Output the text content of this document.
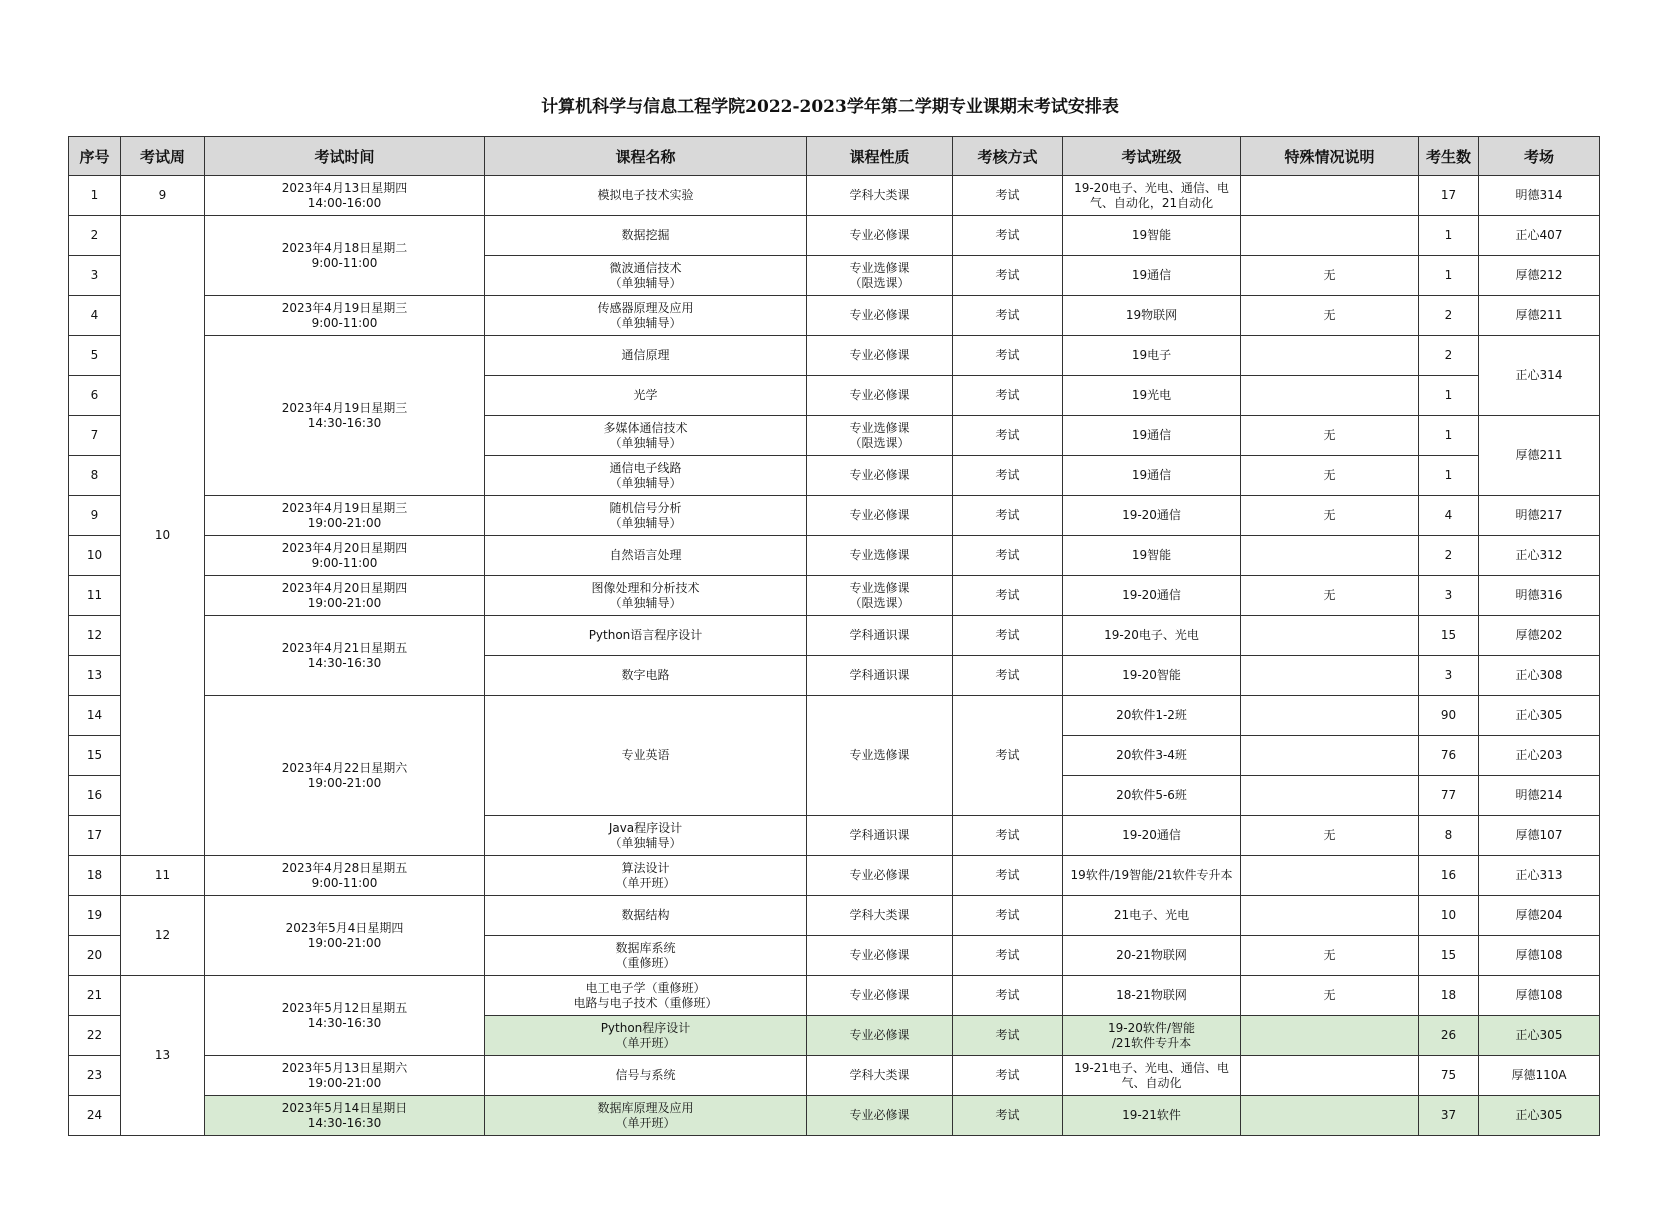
计算机科学与信息工程学院2022-2023学年第二学期专业课期末考试安排表
序号	考试周	考试时间	课程名称	课程性质	考核方式	考试班级	特殊情况说明	考生数	考场
1	9	2023年4月13日星期四
14:00-16:00	模拟电子技术实验	学科大类课	考试	19-20电子、光电、通信、电气、自动化，21自动化		17	明德314
2	10	2023年4月18日星期二
9:00-11:00	数据挖掘	专业必修课	考试	19智能		1	正心407
3			微波通信技术
（单独辅导）	专业选修课
（限选课）	考试	19通信	无	1	厚德212
4		2023年4月19日星期三
9:00-11:00	传感器原理及应用
（单独辅导）	专业必修课	考试	19物联网	无	2	厚德211
5		2023年4月19日星期三
14:30-16:30	通信原理	专业必修课	考试	19电子		2	正心314
6			光学	专业必修课	考试	19光电		1	
7			多媒体通信技术
（单独辅导）	专业选修课
（限选课）	考试	19通信	无	1	厚德211
8			通信电子线路
（单独辅导）	专业必修课	考试	19通信	无	1	
9		2023年4月19日星期三
19:00-21:00	随机信号分析
（单独辅导）	专业必修课	考试	19-20通信	无	4	明德217
10		2023年4月20日星期四
9:00-11:00	自然语言处理	专业选修课	考试	19智能		2	正心312
11		2023年4月20日星期四
19:00-21:00	图像处理和分析技术
（单独辅导）	专业选修课
（限选课）	考试	19-20通信	无	3	明德316
12		2023年4月21日星期五
14:30-16:30	Python语言程序设计	学科通识课	考试	19-20电子、光电		15	厚德202
13			数字电路	学科通识课	考试	19-20智能		3	正心308
14		2023年4月22日星期六
19:00-21:00	专业英语	专业选修课	考试	20软件1-2班		90	正心305
15						20软件3-4班		76	正心203
16						20软件5-6班		77	明德214
17			Java程序设计
（单独辅导）	学科通识课	考试	19-20通信	无	8	厚德107
18	11	2023年4月28日星期五
9:00-11:00	算法设计
（单开班）	专业必修课	考试	19软件/19智能/21软件专升本		16	正心313
19	12	2023年5月4日星期四
19:00-21:00	数据结构	学科大类课	考试	21电子、光电		10	厚德204
20			数据库系统
（重修班）	专业必修课	考试	20-21物联网	无	15	厚德108
21	13	2023年5月12日星期五
14:30-16:30	电工电子学（重修班）
电路与电子技术（重修班）	专业必修课	考试	18-21物联网	无	18	厚德108
22			Python程序设计
（单开班）	专业必修课	考试	19-20软件/智能
/21软件专升本		26	正心305
23		2023年5月13日星期六
19:00-21:00	信号与系统	学科大类课	考试	19-21电子、光电、通信、电气、自动化		75	厚德110A
24		2023年5月14日星期日
14:30-16:30	数据库原理及应用
（单开班）	专业必修课	考试	19-21软件		37	正心305
